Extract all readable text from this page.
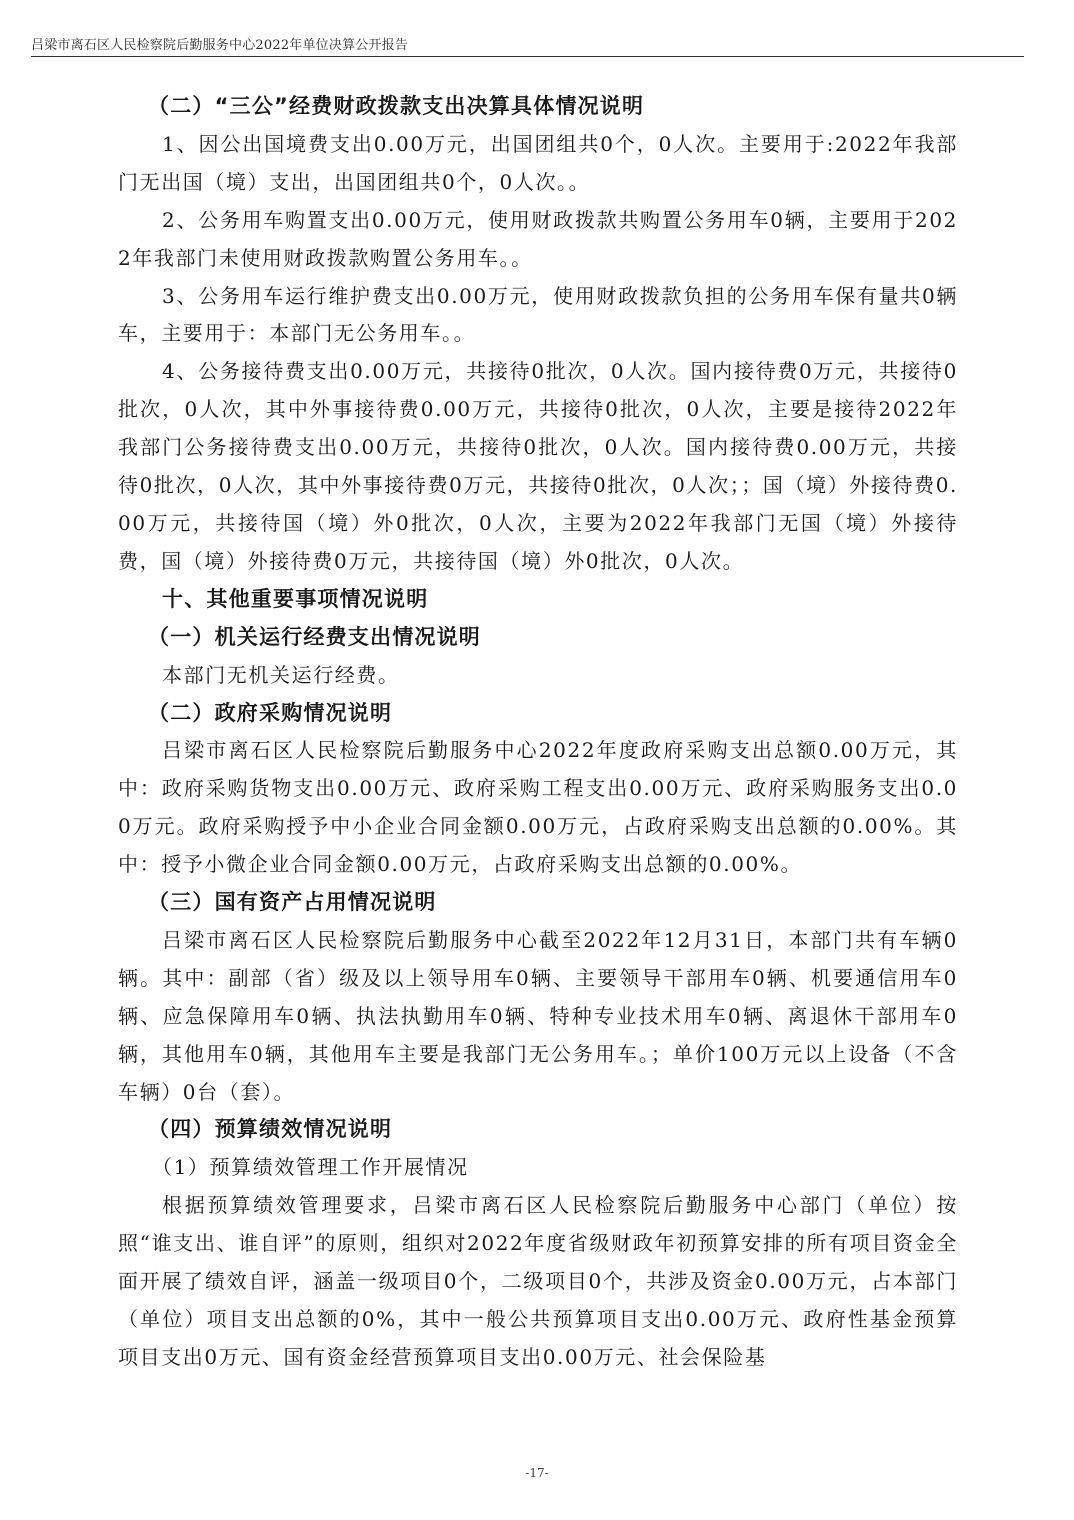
吕梁市离石区人民检察院后勤服务中心2022年单位决算公开报告

（二）“三公”经费财政拨款支出决算具体情况说明

1、因公出国境费支出0.00万元，出国团组共0个，0人次。主要用于:2022年我部门无出国（境）支出，出国团组共0个，0人次。。

2、公务用车购置支出0.00万元，使用财政拨款共购置公务用车0辆，主要用于2022年我部门未使用财政拨款购置公务用车。。

3、公务用车运行维护费支出0.00万元，使用财政拨款负担的公务用车保有量共0辆车，主要用于：本部门无公务用车。。

4、公务接待费支出0.00万元，共接待0批次，0人次。国内接待费0万元，共接待0批次，0人次，其中外事接待费0.00万元，共接待0批次，0人次，主要是接待2022年我部门公务接待费支出0.00万元，共接待0批次，0人次。国内接待费0.00万元，共接待0批次，0人次，其中外事接待费0万元，共接待0批次，0人次；；国（境）外接待费0.00万元，共接待国（境）外0批次，0人次，主要为2022年我部门无国（境）外接待费，国（境）外接待费0万元，共接待国（境）外0批次，0人次。

十、其他重要事项情况说明

（一）机关运行经费支出情况说明

本部门无机关运行经费。

（二）政府采购情况说明

吕梁市离石区人民检察院后勤服务中心2022年度政府采购支出总额0.00万元，其中：政府采购货物支出0.00万元、政府采购工程支出0.00万元、政府采购服务支出0.00万元。政府采购授予中小企业合同金额0.00万元，占政府采购支出总额的0.00%。其中：授予小微企业合同金额0.00万元，占政府采购支出总额的0.00%。

（三）国有资产占用情况说明

吕梁市离石区人民检察院后勤服务中心截至2022年12月31日，本部门共有车辆0辆。其中：副部（省）级及以上领导用车0辆、主要领导干部用车0辆、机要通信用车0辆、应急保障用车0辆、执法执勤用车0辆、特种专业技术用车0辆、离退休干部用车0辆，其他用车0辆，其他用车主要是我部门无公务用车。；单价100万元以上设备（不含车辆）0台（套）。

（四）预算绩效情况说明

（1）预算绩效管理工作开展情况

根据预算绩效管理要求，吕梁市离石区人民检察院后勤服务中心部门（单位）按照“谁支出、谁自评”的原则，组织对2022年度省级财政年初预算安排的所有项目资金全面开展了绩效自评，涵盖一级项目0个，二级项目0个，共涉及资金0.00万元，占本部门（单位）项目支出总额的0%，其中一般公共预算项目支出0.00万元、政府性基金预算项目支出0万元、国有资金经营预算项目支出0.00万元、社会保险基

-17-
